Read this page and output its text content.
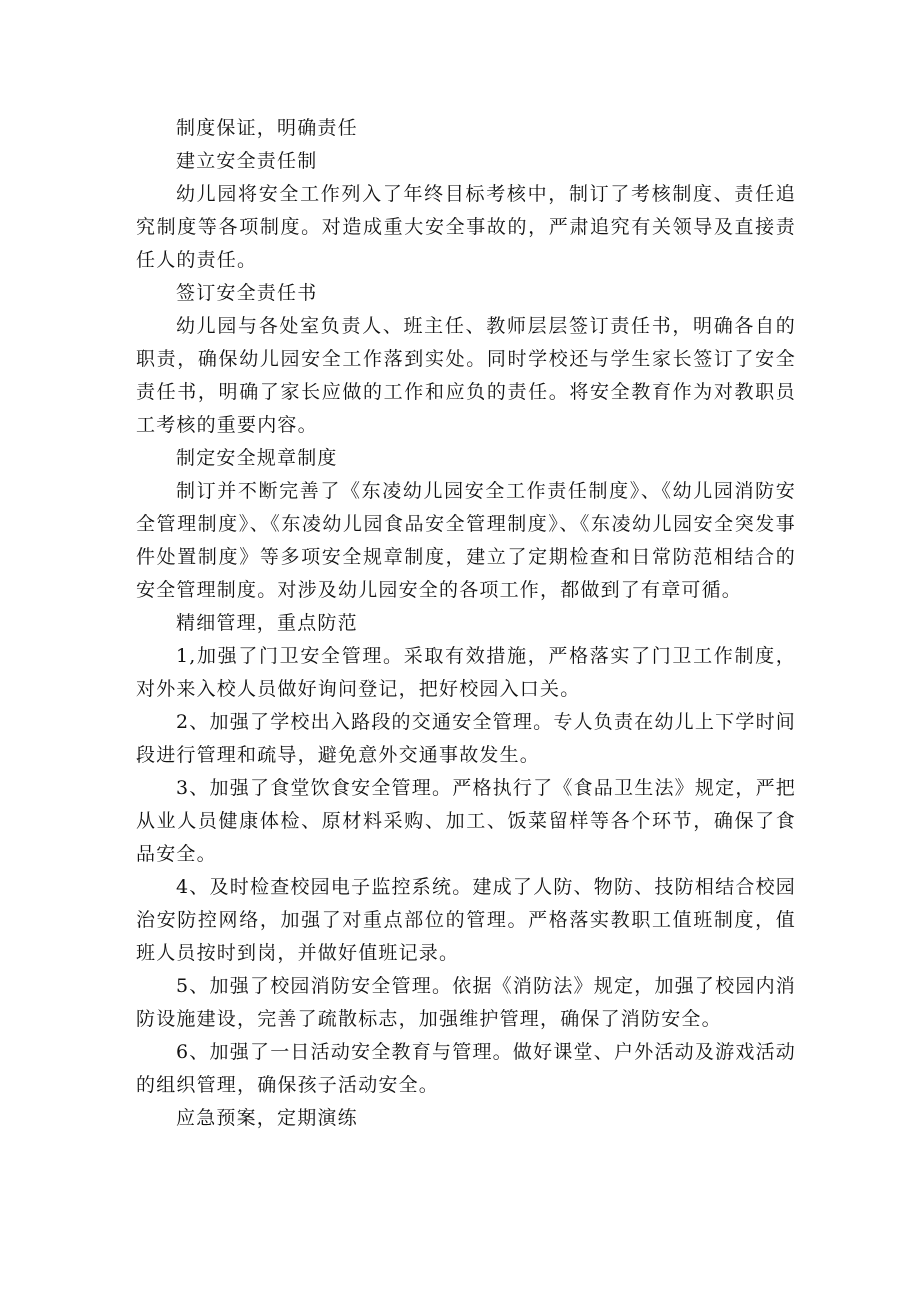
制度保证，明确责任

建立安全责任制

幼儿园将安全工作列入了年终目标考核中，制订了考核制度、责任追究制度等各项制度。对造成重大安全事故的，严肃追究有关领导及直接责任人的责任。

签订安全责任书

幼儿园与各处室负责人、班主任、教师层层签订责任书，明确各自的职责，确保幼儿园安全工作落到实处。同时学校还与学生家长签订了安全责任书，明确了家长应做的工作和应负的责任。将安全教育作为对教职员工考核的重要内容。

制定安全规章制度

制订并不断完善了《东凌幼儿园安全工作责任制度》、《幼儿园消防安全管理制度》、《东凌幼儿园食品安全管理制度》、《东凌幼儿园安全突发事件处置制度》等多项安全规章制度，建立了定期检查和日常防范相结合的安全管理制度。对涉及幼儿园安全的各项工作，都做到了有章可循。

精细管理，重点防范

1,加强了门卫安全管理。采取有效措施，严格落实了门卫工作制度，对外来入校人员做好询问登记，把好校园入口关。

2、加强了学校出入路段的交通安全管理。专人负责在幼儿上下学时间段进行管理和疏导，避免意外交通事故发生。

3、加强了食堂饮食安全管理。严格执行了《食品卫生法》规定，严把从业人员健康体检、原材料采购、加工、饭菜留样等各个环节，确保了食品安全。

4、及时检查校园电子监控系统。建成了人防、物防、技防相结合校园治安防控网络，加强了对重点部位的管理。严格落实教职工值班制度，值班人员按时到岗，并做好值班记录。

5、加强了校园消防安全管理。依据《消防法》规定，加强了校园内消防设施建设，完善了疏散标志，加强维护管理，确保了消防安全。

6、加强了一日活动安全教育与管理。做好课堂、户外活动及游戏活动的组织管理，确保孩子活动安全。

应急预案，定期演练
